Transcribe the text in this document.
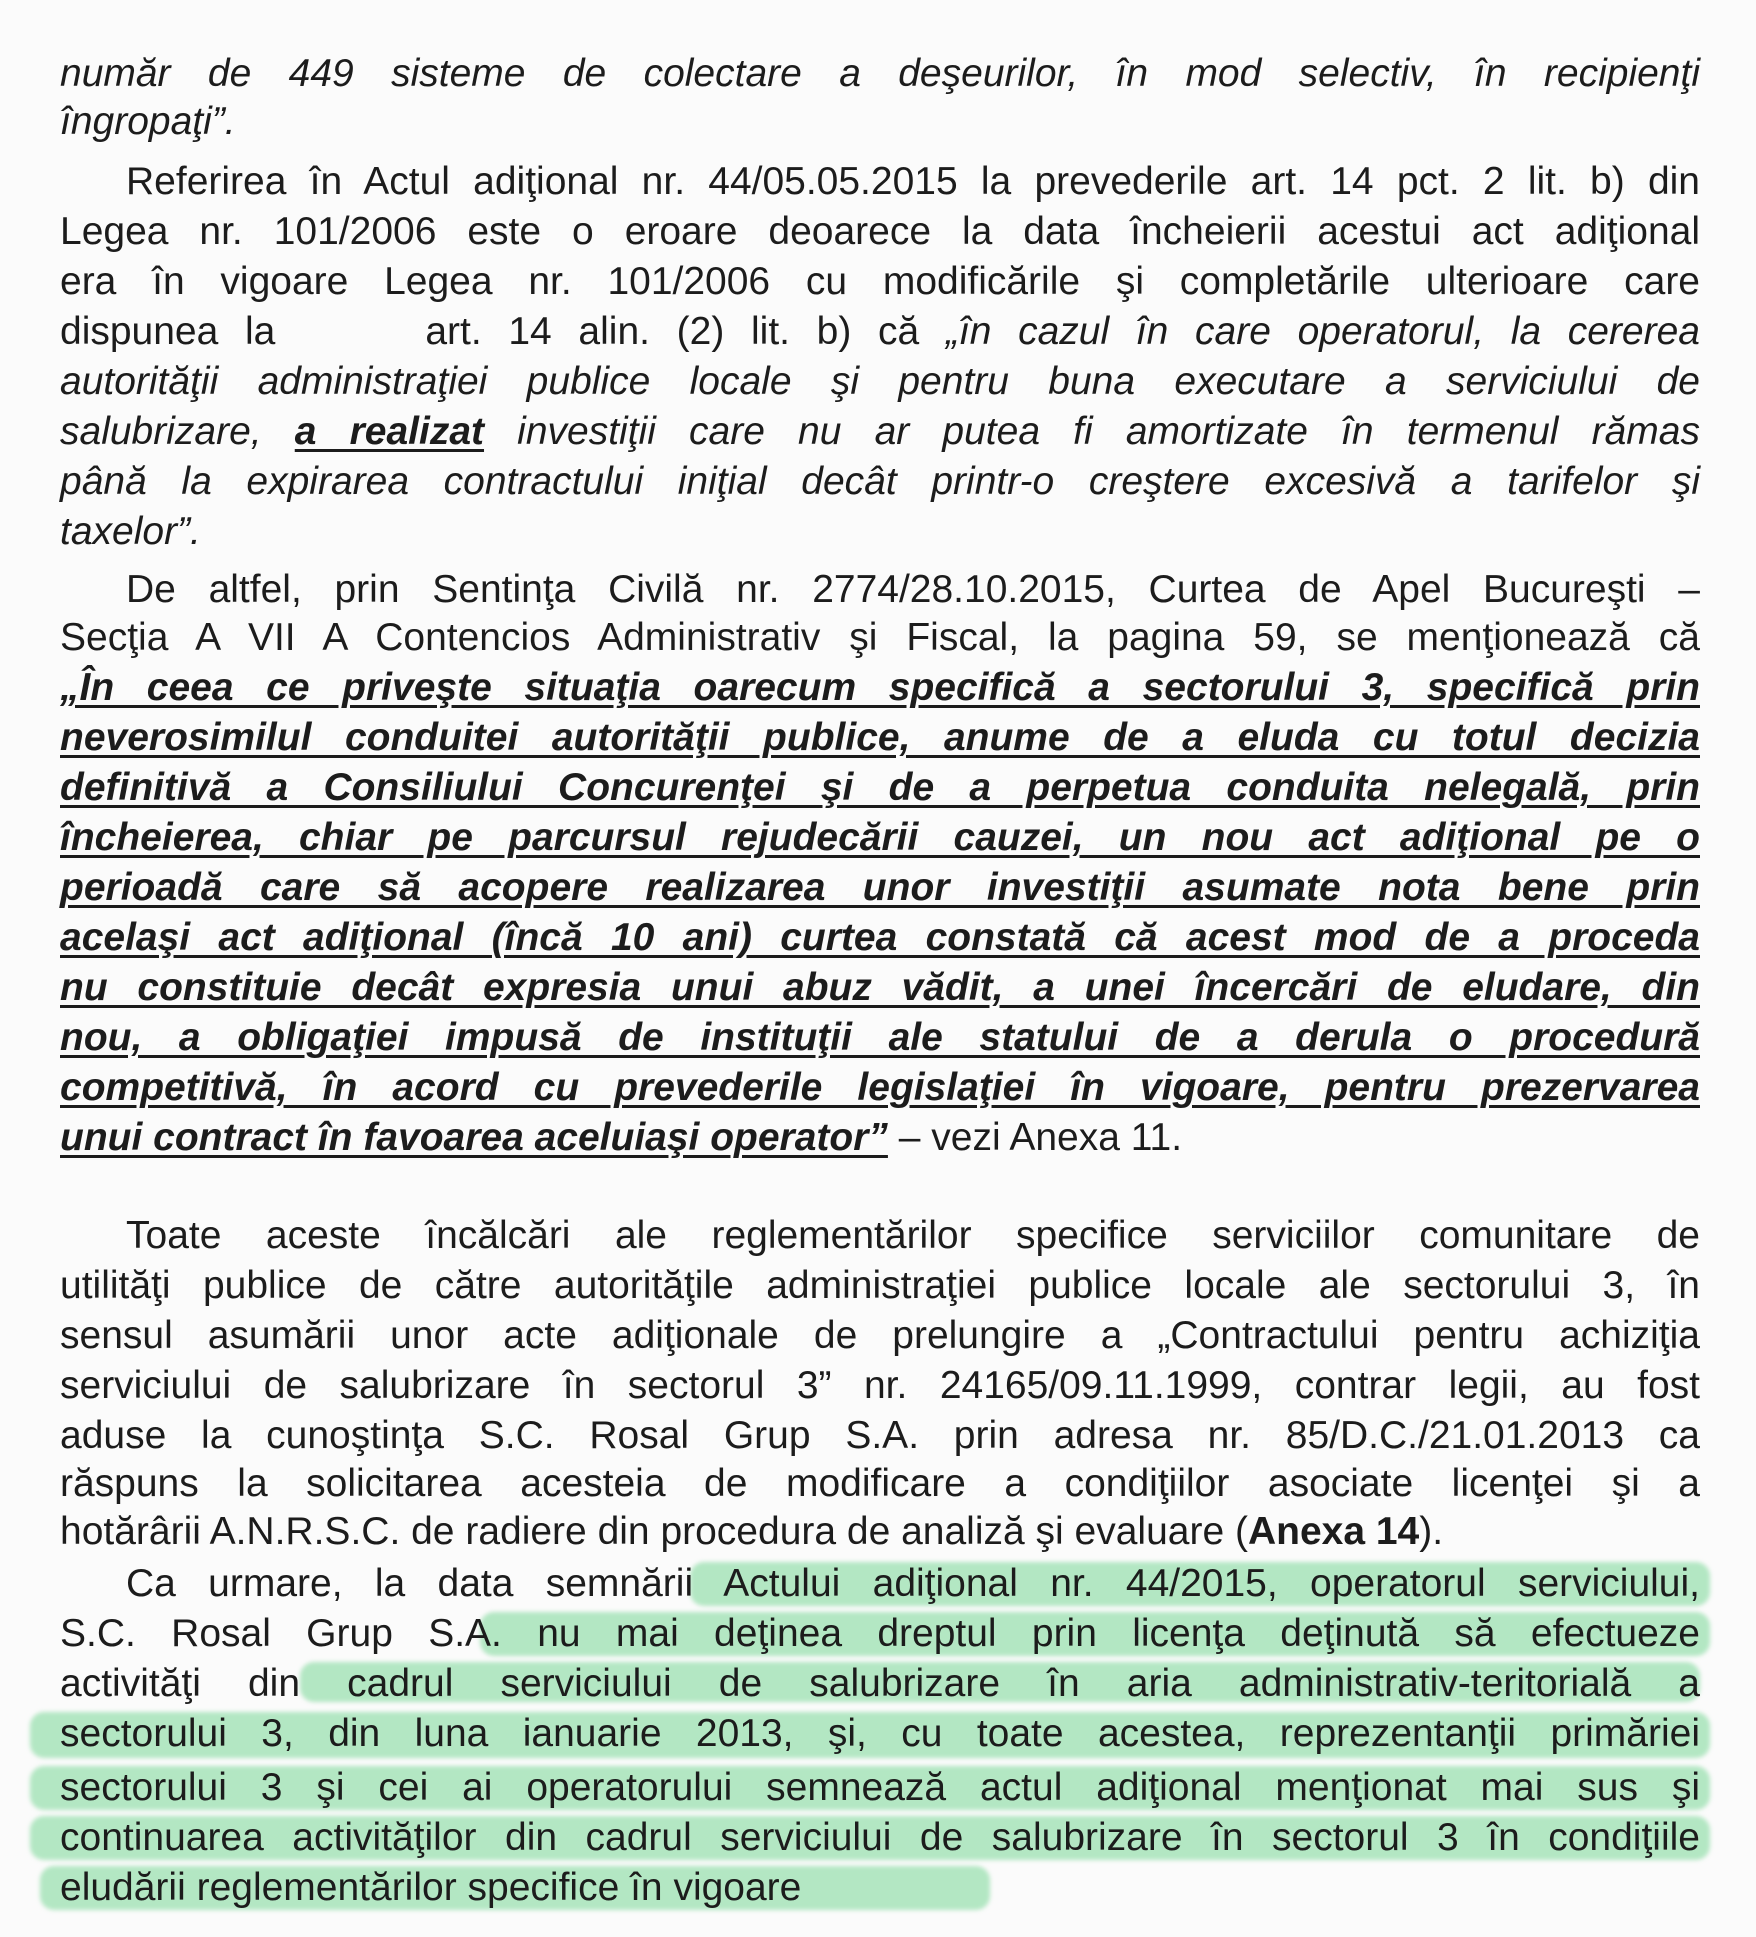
număr de 449 sisteme de colectare a deşeurilor, în mod selectiv, în recipienţi
îngropaţi”.
Referirea în Actul adiţional nr. 44/05.05.2015 la prevederile art. 14 pct. 2 lit. b) din
Legea nr. 101/2006 este o eroare deoarece la data încheierii acestui act adiţional
era în vigoare Legea nr. 101/2006 cu modificările şi completările ulterioare care
dispunea la	art. 14 alin. (2) lit. b) că „în cazul în care operatorul, la cererea
autorităţii administraţiei publice locale şi pentru buna executare a serviciului de
salubrizare, a realizat investiţii care nu ar putea fi amortizate în termenul rămas
până la expirarea contractului iniţial decât printr-o creştere excesivă a tarifelor şi
taxelor”.
De altfel, prin Sentinţa Civilă nr. 2774/28.10.2015, Curtea de Apel Bucureşti –
Secţia A VII A Contencios Administrativ şi Fiscal, la pagina 59, se menţionează că
„În ceea ce priveşte situaţia oarecum specifică a sectorului 3, specifică prin
neverosimilul conduitei autorităţii publice, anume de a eluda cu totul decizia
definitivă a Consiliului Concurenţei şi de a perpetua conduita nelegală, prin
încheierea, chiar pe parcursul rejudecării cauzei, un nou act adiţional pe o
perioadă care să acopere realizarea unor investiţii asumate nota bene prin
acelaşi act adiţional (încă 10 ani) curtea constată că acest mod de a proceda
nu constituie decât expresia unui abuz vădit, a unei încercări de eludare, din
nou, a obligaţiei impusă de instituţii ale statului de a derula o procedură
competitivă, în acord cu prevederile legislaţiei în vigoare, pentru prezervarea
unui contract în favoarea aceluiaşi operator” – vezi Anexa 11.
Toate aceste încălcări ale reglementărilor specifice serviciilor comunitare de
utilităţi publice de către autorităţile administraţiei publice locale ale sectorului 3, în
sensul asumării unor acte adiţionale de prelungire a „Contractului pentru achiziţia
serviciului de salubrizare în sectorul 3” nr. 24165/09.11.1999, contrar legii, au fost
aduse la cunoştinţa S.C. Rosal Grup S.A. prin adresa nr. 85/D.C./21.01.2013 ca
răspuns la solicitarea acesteia de modificare a condiţiilor asociate licenţei şi a
hotărârii A.N.R.S.C. de radiere din procedura de analiză şi evaluare (Anexa 14).
Ca urmare, la data semnării Actului adiţional nr. 44/2015, operatorul serviciului,
S.C. Rosal Grup S.A. nu mai deţinea dreptul prin licenţa deţinută să efectueze
activităţi din cadrul serviciului de salubrizare în aria administrativ-teritorială a
sectorului 3, din luna ianuarie 2013, şi, cu toate acestea, reprezentanţii primăriei
sectorului 3 şi cei ai operatorului semnează actul adiţional menţionat mai sus şi
continuarea activităţilor din cadrul serviciului de salubrizare în sectorul 3 în condiţiile
eludării reglementărilor specifice în vigoare
